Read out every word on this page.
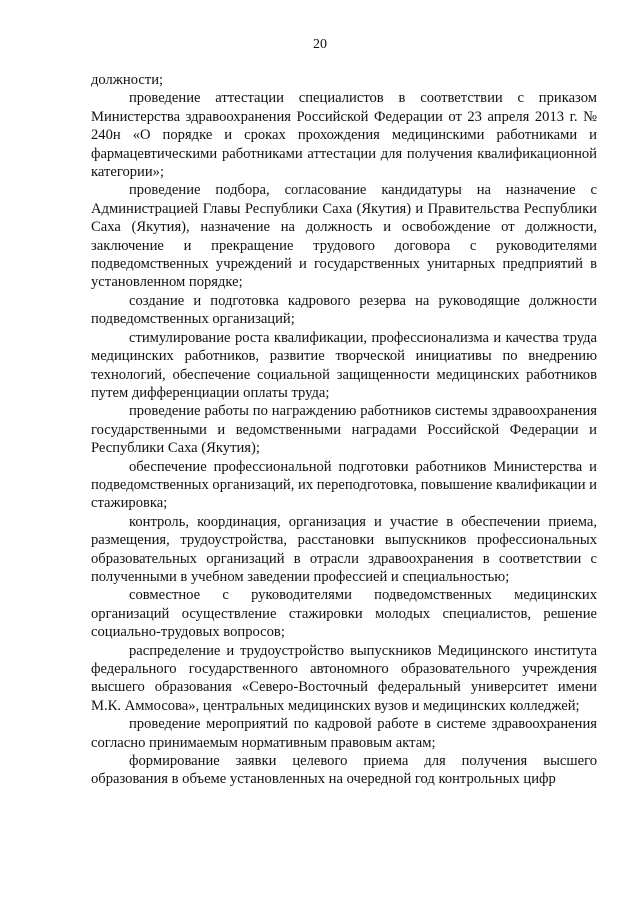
20

должности;

проведение аттестации специалистов в соответствии с приказом Министерства здравоохранения Российской Федерации от 23 апреля 2013 г. № 240н «О порядке и сроках прохождения медицинскими работниками и фармацевтическими работниками аттестации для получения квалификационной категории»;

проведение подбора, согласование кандидатуры на назначение с Администрацией Главы Республики Саха (Якутия) и Правительства Республики Саха (Якутия), назначение на должность и освобождение от должности, заключение и прекращение трудового договора с руководителями подведомственных учреждений и государственных унитарных предприятий в установленном порядке;

создание и подготовка кадрового резерва на руководящие должности подведомственных организаций;

стимулирование роста квалификации, профессионализма и качества труда медицинских работников, развитие творческой инициативы по внедрению технологий, обеспечение социальной защищенности медицинских работников путем дифференциации оплаты труда;

проведение работы по награждению работников системы здравоохранения государственными и ведомственными наградами Российской Федерации и Республики Саха (Якутия);

обеспечение профессиональной подготовки работников Министерства и подведомственных организаций, их переподготовка, повышение квалификации и стажировка;

контроль, координация, организация и участие в обеспечении приема, размещения, трудоустройства, расстановки выпускников профессиональных образовательных организаций в отрасли здравоохранения в соответствии с полученными в учебном заведении профессией и специальностью;

совместное с руководителями подведомственных медицинских организаций осуществление стажировки молодых специалистов, решение социально-трудовых вопросов;

распределение и трудоустройство выпускников Медицинского института федерального государственного автономного образовательного учреждения высшего образования «Северо-Восточный федеральный университет имени М.К. Аммосова», центральных медицинских вузов и медицинских колледжей;

проведение мероприятий по кадровой работе в системе здравоохранения согласно принимаемым нормативным правовым актам;

формирование заявки целевого приема для получения высшего образования в объеме установленных на очередной год контрольных цифр
